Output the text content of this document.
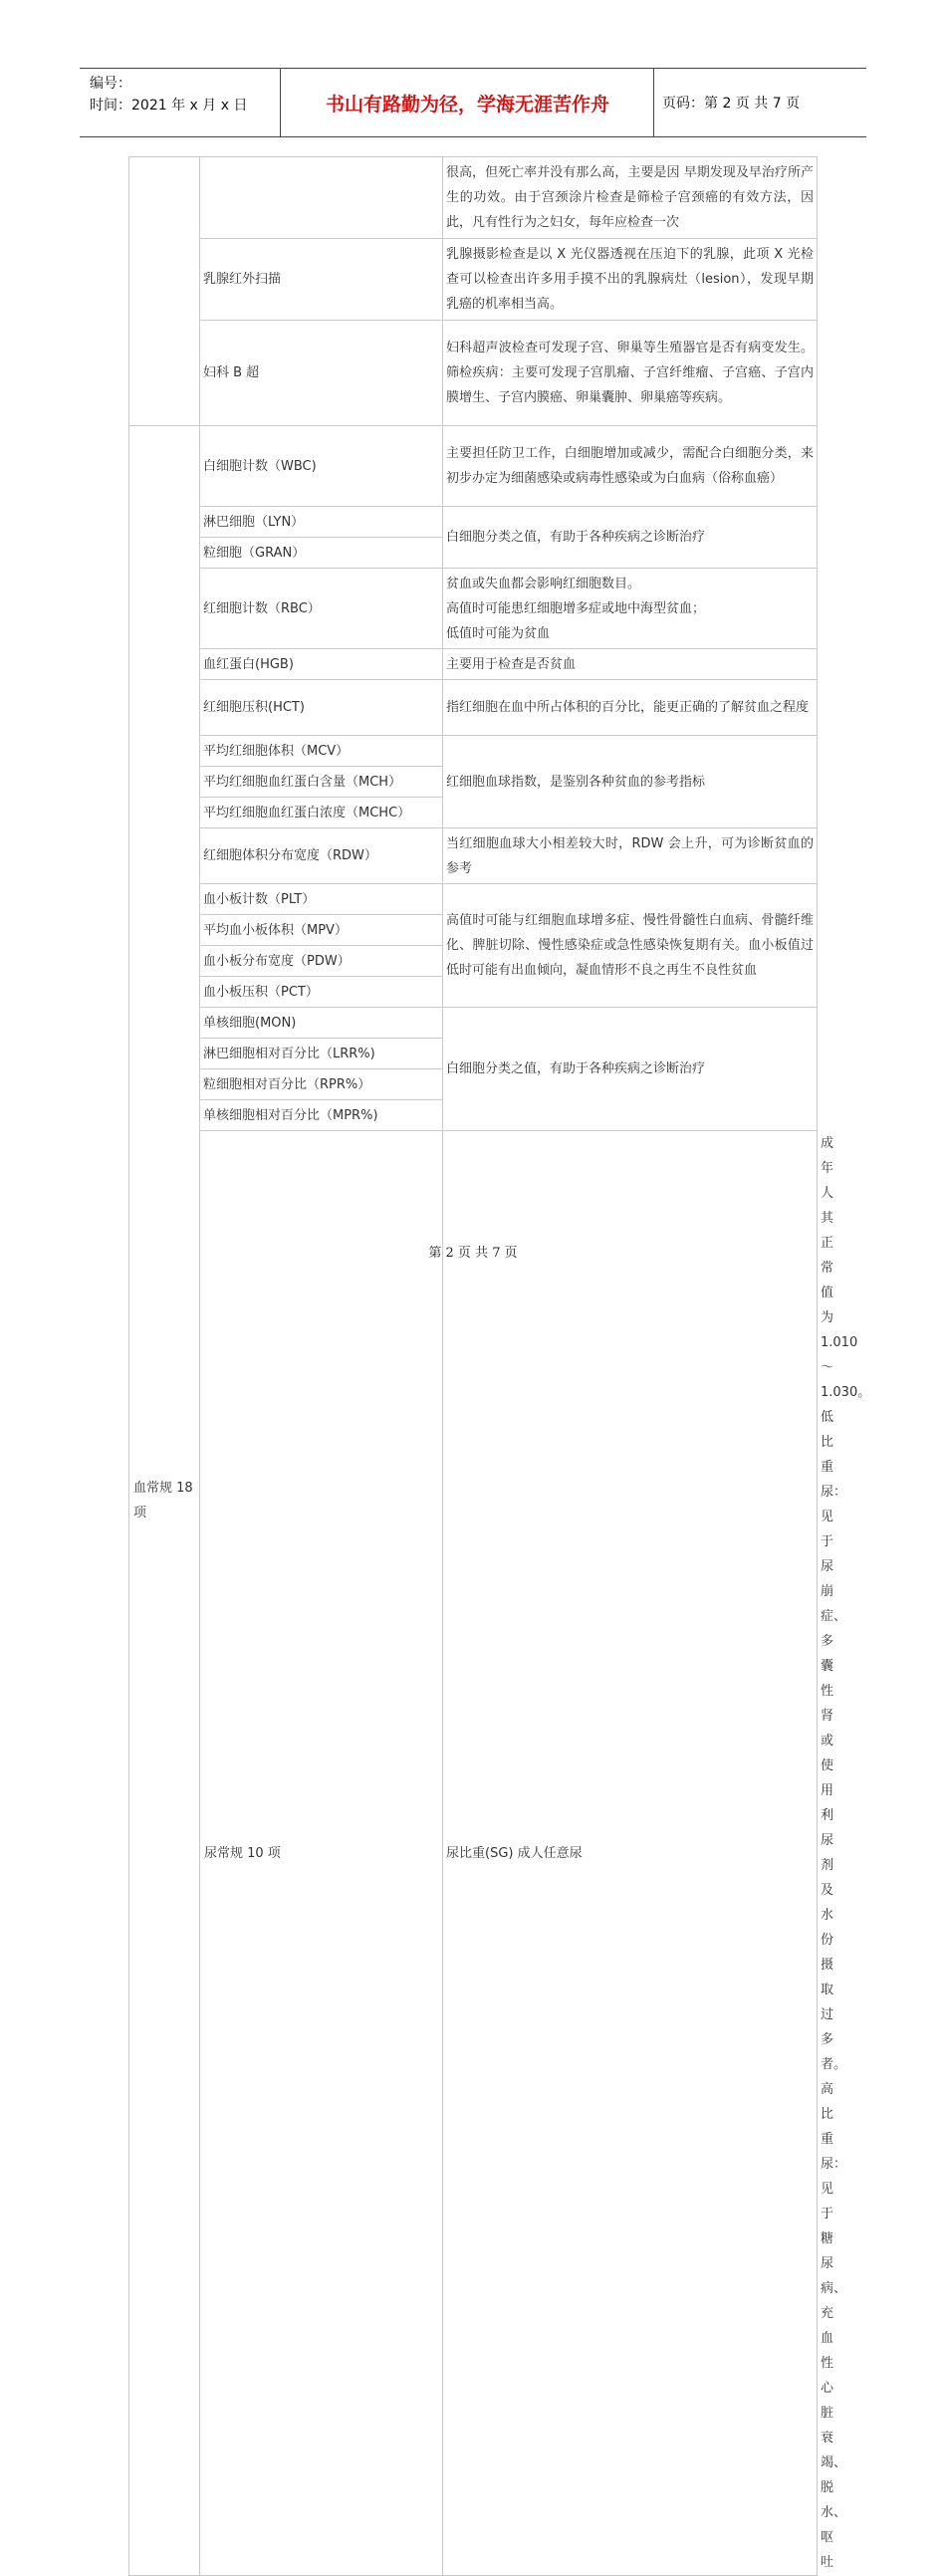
编号：
时间：2021 年 x 月 x 日	书山有路勤为径，学海无涯苦作舟	页码：第 2 页 共 7 页
		很高，但死亡率并没有那么高，主要是因 早期发现及早治疗所产生的功效。由于宫颈涂片检查是筛检子宫颈癌的有效方法，因此，凡有性行为之妇女，每年应检查一次	
	乳腺红外扫描	乳腺摄影检查是以 X 光仪器透视在压迫下的乳腺，此项 X 光检查可以检查出许多用手摸不出的乳腺病灶（lesion），发现早期乳癌的机率相当高。	
	妇科 B 超	妇科超声波检查可发现子宫、卵巢等生殖器官是否有病变发生。筛检疾病：主要可发现子宫肌瘤、子宫纤维瘤、子宫癌、子宫内膜增生、子宫内膜癌、卵巢囊肿、卵巢癌等疾病。	
血常规 18 项	白细胞计数（WBC)	主要担任防卫工作，白细胞增加或减少，需配合白细胞分类，来初步办定为细菌感染或病毒性感染或为白血病（俗称血癌）	
	淋巴细胞（LYN）	白细胞分类之值，有助于各种疾病之诊断治疗	
	粒细胞（GRAN）		
	红细胞计数（RBC）	贫血或失血都会影响红细胞数目。
高值时可能患红细胞增多症或地中海型贫血；
低值时可能为贫血	

	血红蛋白(HGB)	主要用于检查是否贫血	
	红细胞压积(HCT)	指红细胞在血中所占体积的百分比，能更正确的了解贫血之程度	
	平均红细胞体积（MCV）	红细胞血球指数，是鉴别各种贫血的参考指标	
	平均红细胞血红蛋白含量（MCH）		
	平均红细胞血红蛋白浓度（MCHC）		
	红细胞体积分布宽度（RDW）	当红细胞血球大小相差较大时，RDW 会上升，可为诊断贫血的参考	
	血小板计数（PLT）	高值时可能与红细胞血球增多症、慢性骨髓性白血病、骨髓纤维化、脾脏切除、慢性感染症或急性感染恢复期有关。血小板值过低时可能有出血倾向，凝血情形不良之再生不良性贫血	
	平均血小板体积（MPV）		
	血小板分布宽度（PDW）		
	血小板压积（PCT）		
	单核细胞(MON)	白细胞分类之值，有助于各种疾病之诊断治疗	
	淋巴细胞相对百分比（LRR%)		
	粒细胞相对百分比（RPR%）		
	单核细胞相对百分比（MPR%)		
	尿常规 10 项	尿比重(SG) 成人任意尿	成年人其正常值为 1.010～1.030。低比重尿：见于尿崩症、多囊性肾或使用利尿剂及水份摄取过多者。高比重尿：见于糖尿病、充血性心脏衰竭、脱水、呕吐
第 2 页 共 7 页
